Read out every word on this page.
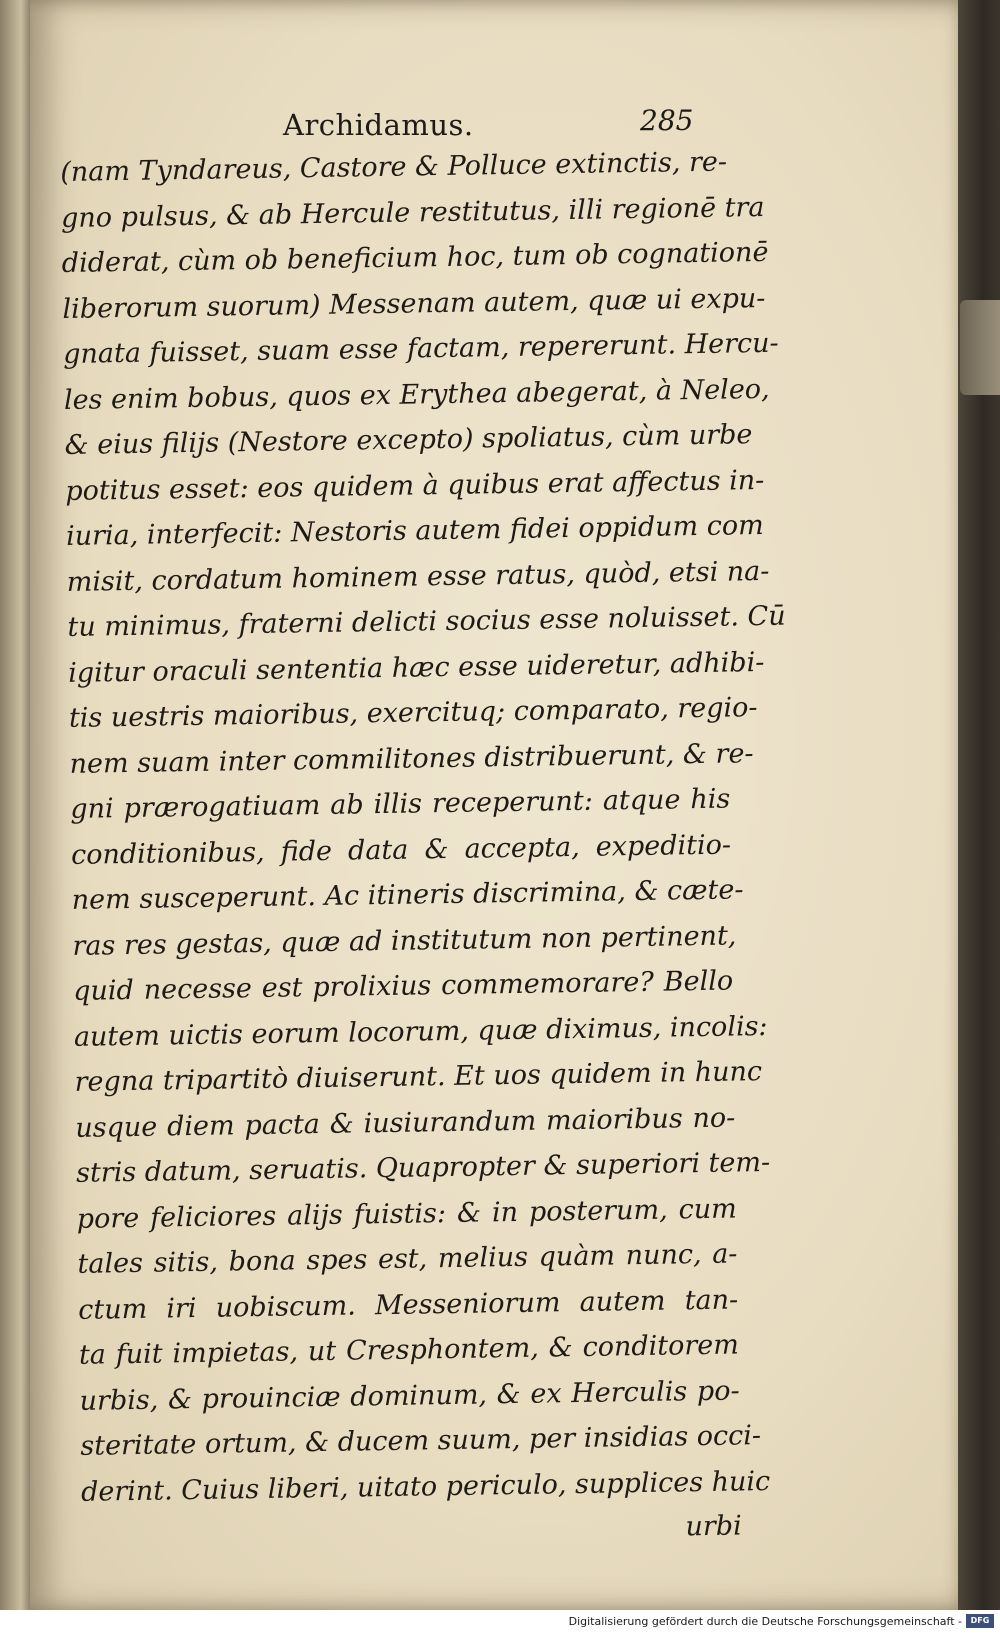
Archidamus.	285
(nam Tyndareus, Castore & Polluce extinctis, re-
gno pulsus, & ab Hercule restitutus, illi regionē tra
diderat, cùm ob beneficium hoc, tum ob cognationē
liberorum suorum) Messenam autem, quæ ui expu-
gnata fuisset, suam esse factam, repererunt. Hercu-
les enim bobus, quos ex Erythea abegerat, à Neleo,
& eius filijs (Nestore excepto) spoliatus, cùm urbe
potitus esset: eos quidem à quibus erat affectus in-
iuria, interfecit: Nestoris autem fidei oppidum com
misit, cordatum hominem esse ratus, quòd, etsi na-
tu minimus, fraterni delicti socius esse noluisset. Cū
igitur oraculi sententia hæc esse uideretur, adhibi-
tis uestris maioribus, exercituq; comparato, regio-
nem suam inter commilitones distribuerunt, & re-
gni prærogatiuam ab illis receperunt: atque his
conditionibus, fide data & accepta, expeditio-
nem susceperunt. Ac itineris discrimina, & cæte-
ras res gestas, quæ ad institutum non pertinent,
quid necesse est prolixius commemorare? Bello
autem uictis eorum locorum, quæ diximus, incolis:
regna tripartitò diuiserunt. Et uos quidem in hunc
usque diem pacta & iusiurandum maioribus no-
stris datum, seruatis. Quapropter & superiori tem-
pore feliciores alijs fuistis: & in posterum, cum
tales sitis, bona spes est, melius quàm nunc, a-
ctum iri uobiscum. Messeniorum autem tan-
ta fuit impietas, ut Cresphontem, & conditorem
urbis, & prouinciæ dominum, & ex Herculis po-
steritate ortum, & ducem suum, per insidias occi-
derint. Cuius liberi, uitato periculo, supplices huic
urbi
Digitalisierung gefördert durch die Deutsche Forschungsgemeinschaft -	DFG
